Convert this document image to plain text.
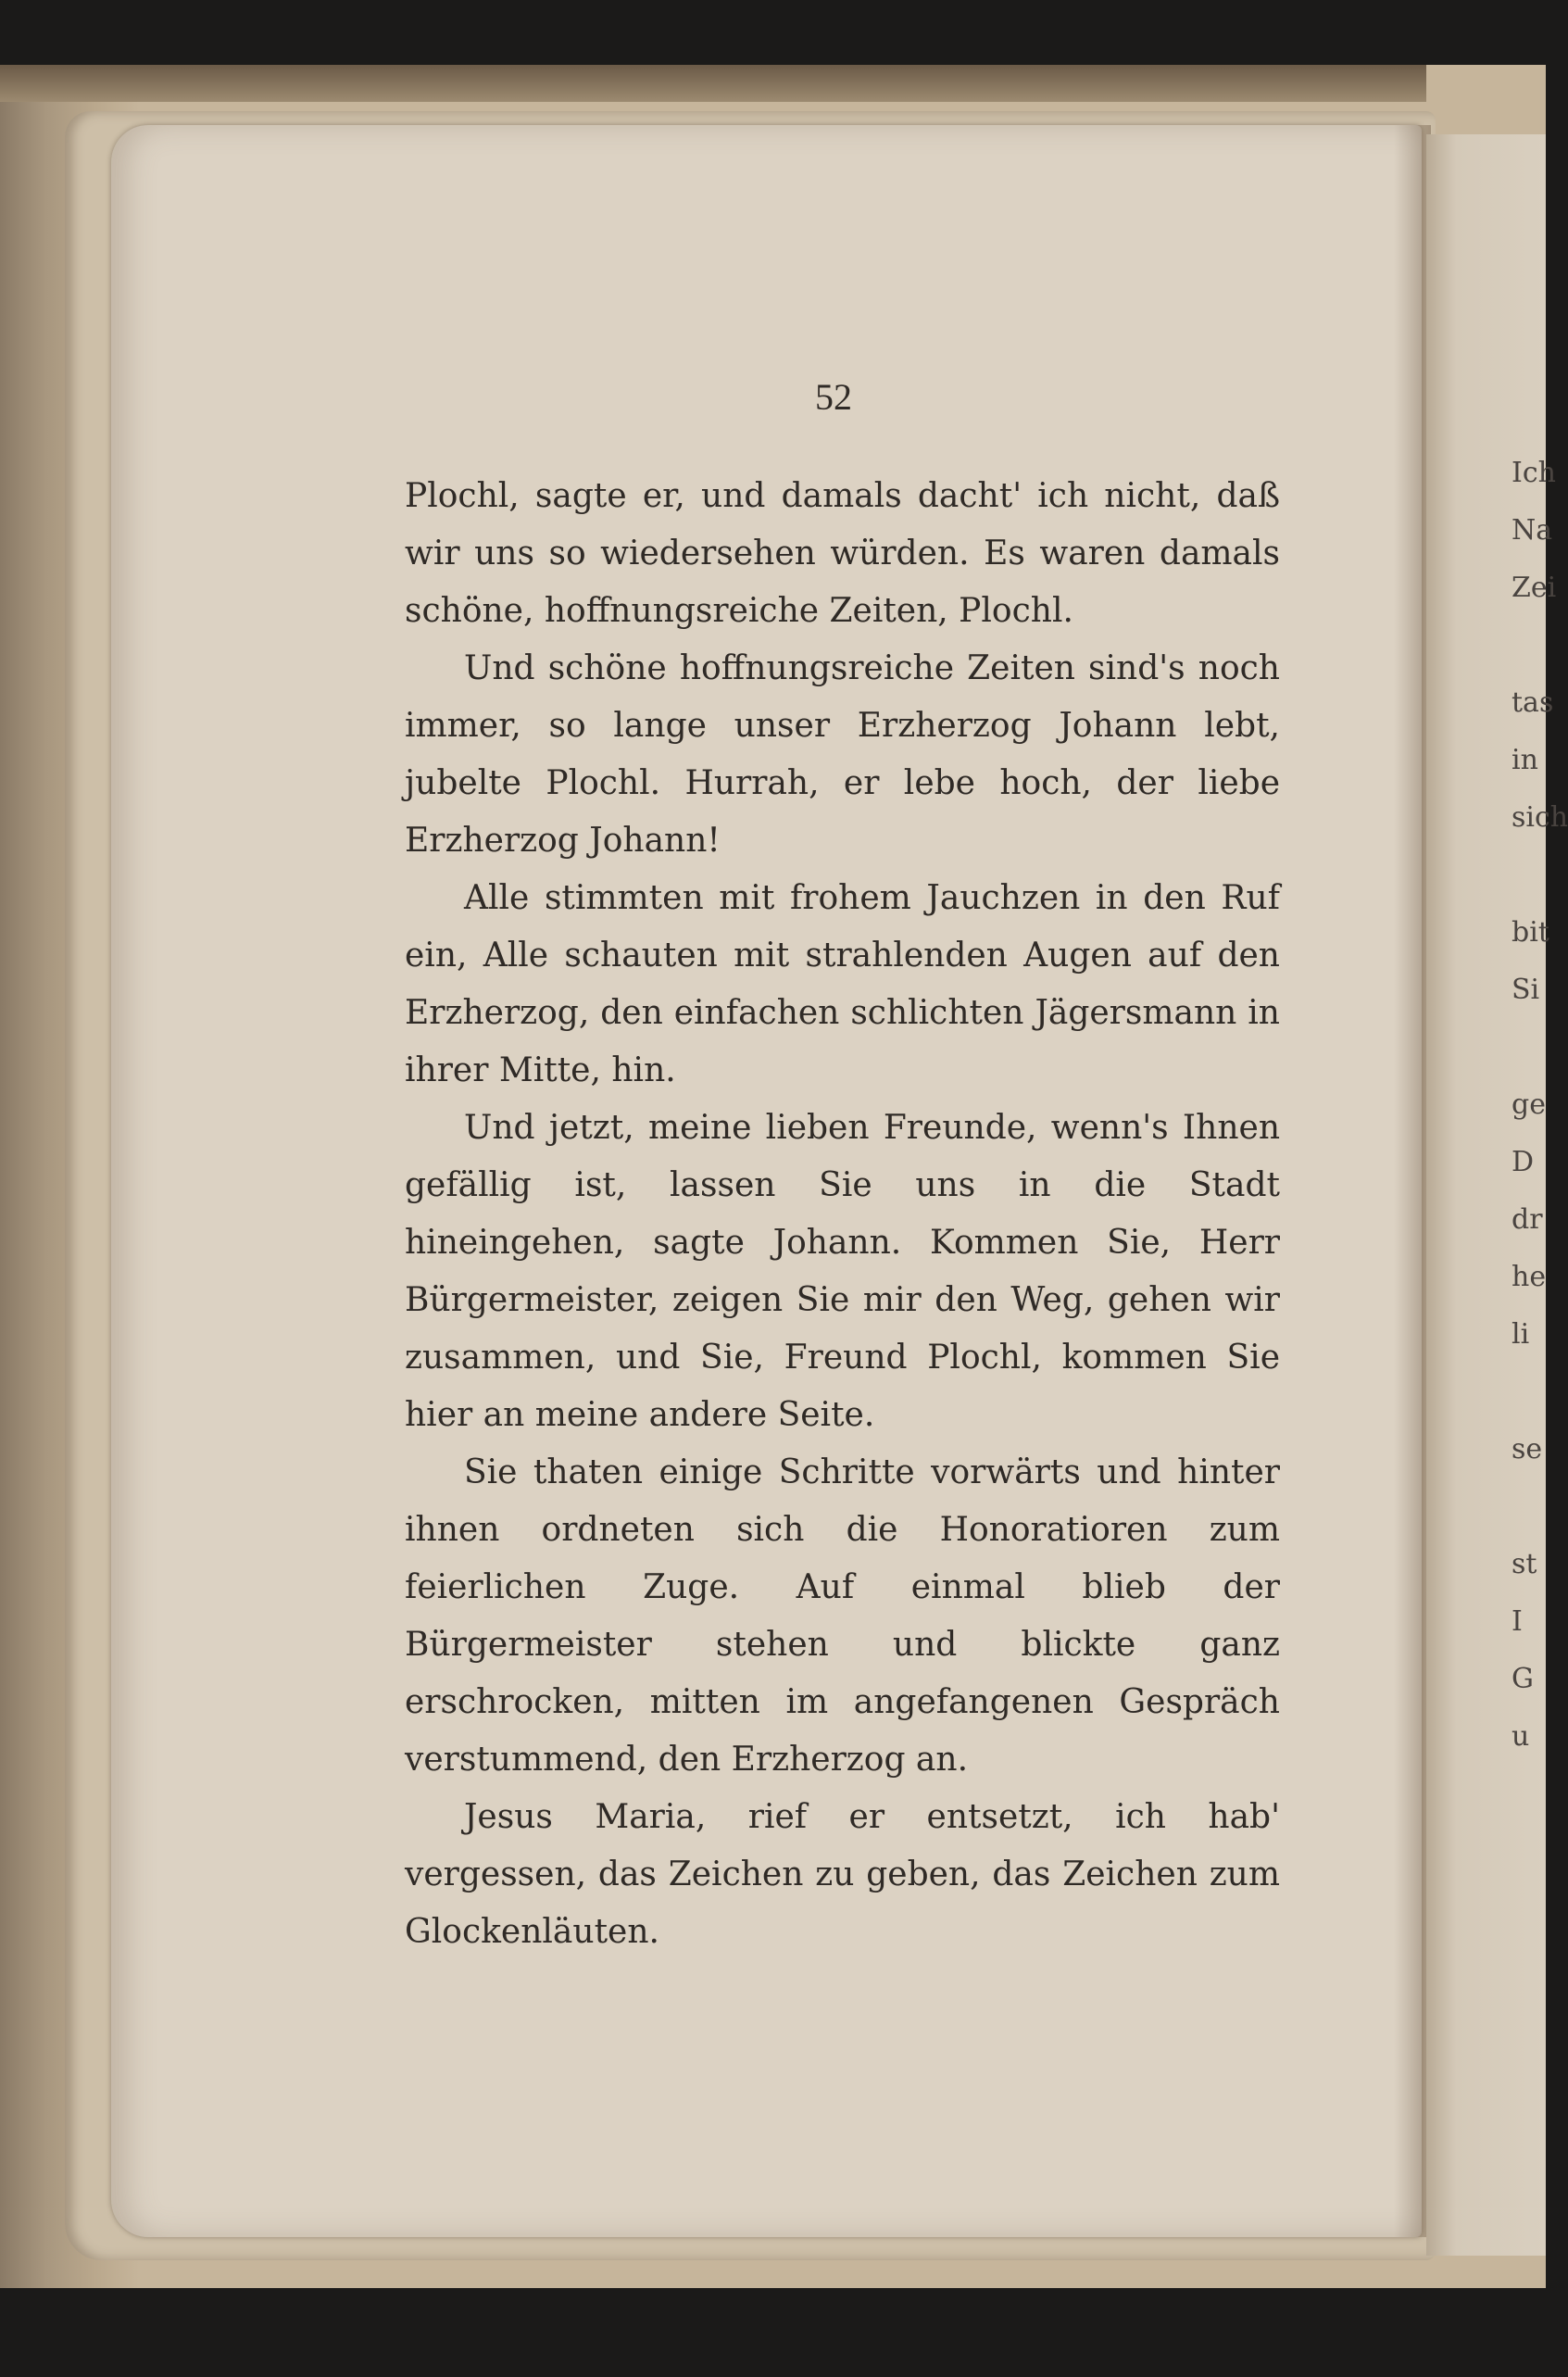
Ich
Na
Zei

tas
in
sich

bit
Si

ge
D
dr
he
li

se

st
I
G
u
52

Plochl, sagte er, und damals dacht' ich nicht, daß wir uns so wiedersehen würden. Es waren damals schöne, hoffnungsreiche Zeiten, Plochl.

Und schöne hoffnungsreiche Zeiten sind's noch immer, so lange unser Erzherzog Johann lebt, jubelte Plochl. Hurrah, er lebe hoch, der liebe Erzherzog Johann!

Alle stimmten mit frohem Jauchzen in den Ruf ein, Alle schauten mit strahlenden Augen auf den Erzherzog, den einfachen schlichten Jägersmann in ihrer Mitte, hin.

Und jetzt, meine lieben Freunde, wenn's Ihnen gefällig ist, lassen Sie uns in die Stadt hineingehen, sagte Johann. Kommen Sie, Herr Bürgermeister, zeigen Sie mir den Weg, gehen wir zusammen, und Sie, Freund Plochl, kommen Sie hier an meine andere Seite.

Sie thaten einige Schritte vorwärts und hinter ihnen ordneten sich die Honoratioren zum feierlichen Zuge. Auf einmal blieb der Bürgermeister stehen und blickte ganz erschrocken, mitten im angefangenen Gespräch verstummend, den Erzherzog an.

Jesus Maria, rief er entsetzt, ich hab' vergessen, das Zeichen zu geben, das Zeichen zum Glockenläuten.
